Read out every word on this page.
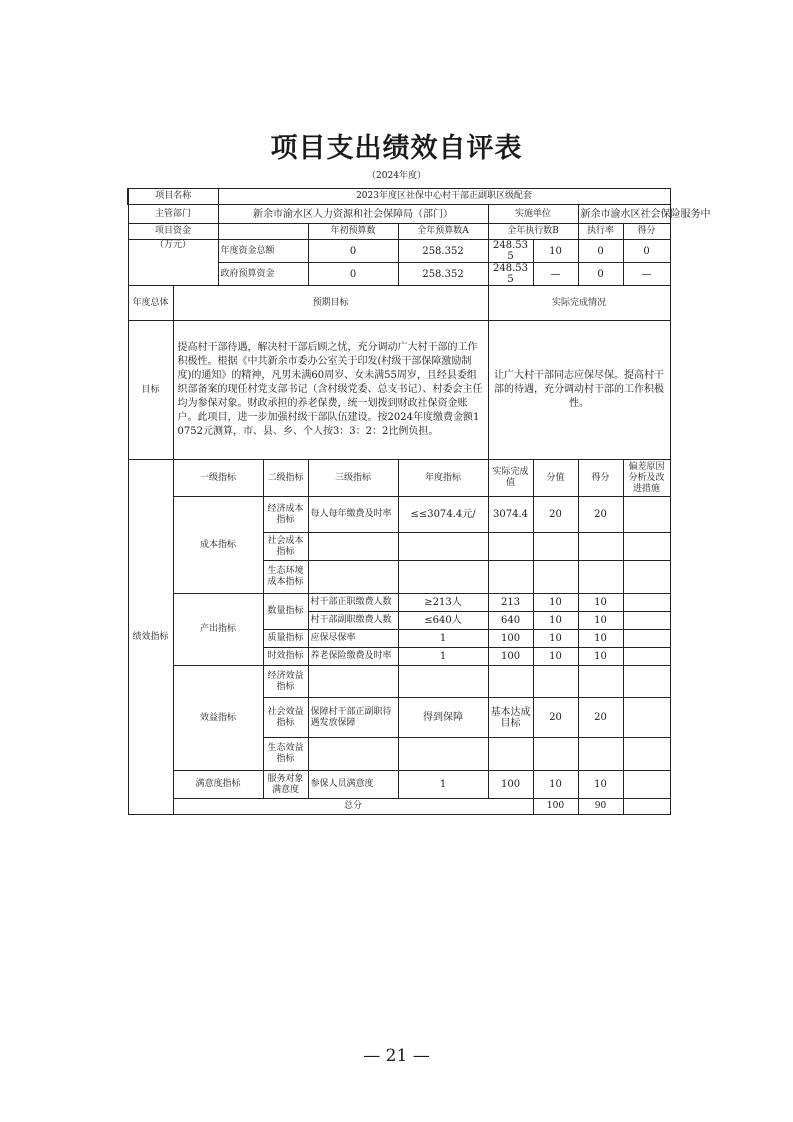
项目支出绩效自评表
（2024年度）
项目名称		2023年度区社保中心村干部正副职区级配套							
主管部门		新余市渝水区人力资源和社会保障局（部门）				实施单位		新余市渝水区社会保险服务中	
项目资金				年初预算数	全年预算数A	全年执行数B		执行率	得分
（万元）		年度资金总额		0	258.352	248.535	10	0	0
		政府预算资金		0	258.352	248.535	—	0	—
年度总体	预期目标					实际完成情况			
目标	提高村干部待遇，解决村干部后顾之忧，充分调动广大村干部的工作积极性。根据《中共新余市委办公室关于印发(村级干部保障激励制度)的通知》的精神，凡男未满60周岁、女未满55周岁，且经县委组织部备案的现任村党支部书记（含村级党委、总支书记）、村委会主任均为参保对象。财政承担的养老保费，统一划拨到财政社保资金账户。此项目，进一步加强村级干部队伍建设。按2024年度缴费金额10752元测算，市、县、乡、个人按3：3：2：2比例负担。					让广大村干部同志应保尽保。提高村干部的待遇，充分调动村干部的工作积极性。			
绩效指标	一级指标		二级指标	三级指标	年度指标	实际完成值	分值	得分	偏差原因分析及改进措施
	成本指标		经济成本指标	每人每年缴费及时率	≤≤3074.4元/	3074.4	20	20	
			社会成本指标						
			生态环境成本指标						
	产出指标		数量指标	村干部正职缴费人数	≥213人	213	10	10	
				村干部副职缴费人数	≤640人	640	10	10	
			质量指标	应保尽保率	1	100	10	10	
			时效指标	养老保险缴费及时率	1	100	10	10	
	效益指标		经济效益指标						
			社会效益指标	保障村干部正副职待遇发放保障	得到保障	基本达成目标	20	20	
			生态效益指标						
	满意度指标		服务对象满意度	参保人员满意度	1	100	10	10	
	总分						100	90	
— 21 —
